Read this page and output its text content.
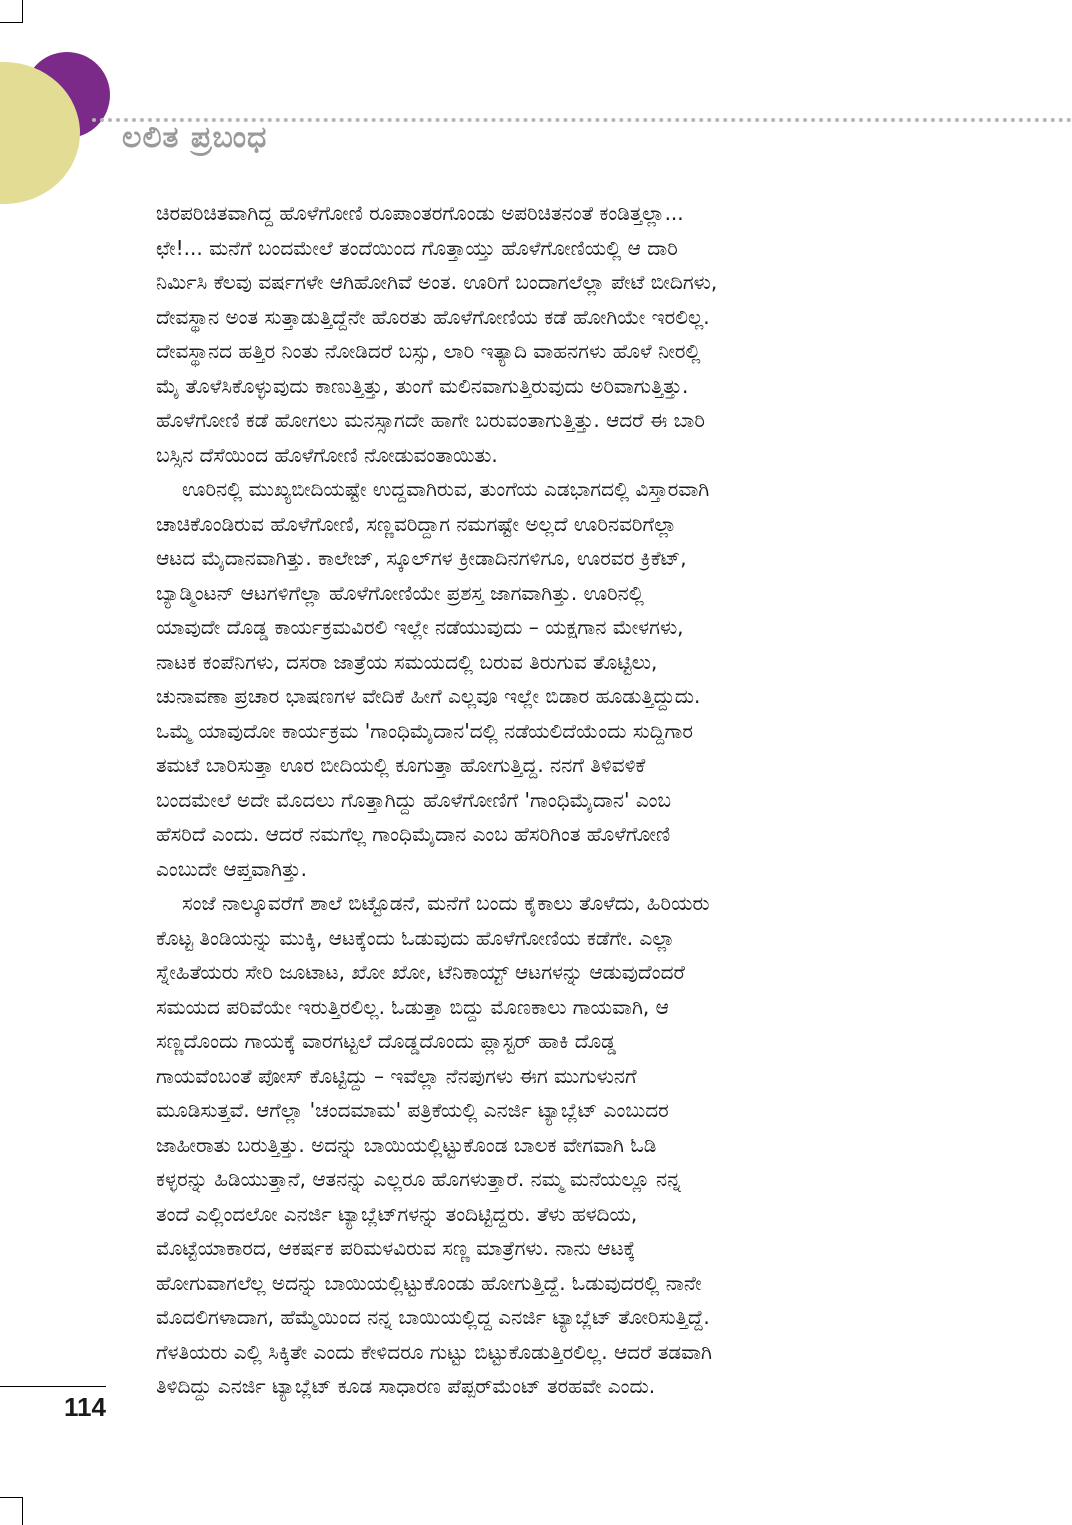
ಲಲಿತ ಪ್ರಬಂಧ
ಚಿರಪರಿಚಿತವಾಗಿದ್ದ ಹೊಳೆಗೋಣಿ ರೂಪಾಂತರಗೊಂಡು ಅಪರಿಚಿತನಂತೆ ಕಂಡಿತ್ತಲ್ಲಾ...
ಛೇ!... ಮನೆಗೆ ಬಂದಮೇಲೆ ತಂದೆಯಿಂದ ಗೊತ್ತಾಯ್ತು ಹೊಳೆಗೋಣಿಯಲ್ಲಿ ಆ ದಾರಿ
ನಿರ್ಮಿಸಿ ಕೆಲವು ವರ್ಷಗಳೇ ಆಗಿಹೋಗಿವೆ ಅಂತ. ಊರಿಗೆ ಬಂದಾಗಲೆಲ್ಲಾ ಪೇಟೆ ಬೀದಿಗಳು,
ದೇವಸ್ಥಾನ ಅಂತ ಸುತ್ತಾಡುತ್ತಿದ್ದೆನೇ ಹೊರತು ಹೊಳೆಗೋಣಿಯ ಕಡೆ ಹೋಗಿಯೇ ಇರಲಿಲ್ಲ.
ದೇವಸ್ಥಾನದ ಹತ್ತಿರ ನಿಂತು ನೋಡಿದರೆ ಬಸ್ಸು, ಲಾರಿ ಇತ್ಯಾದಿ ವಾಹನಗಳು ಹೊಳೆ ನೀರಲ್ಲಿ
ಮೈ ತೊಳೆಸಿಕೊಳ್ಳುವುದು ಕಾಣುತ್ತಿತ್ತು, ತುಂಗೆ ಮಲಿನವಾಗುತ್ತಿರುವುದು ಅರಿವಾಗುತ್ತಿತ್ತು.
ಹೊಳೆಗೋಣಿ ಕಡೆ ಹೋಗಲು ಮನಸ್ಸಾಗದೇ ಹಾಗೇ ಬರುವಂತಾಗುತ್ತಿತ್ತು. ಆದರೆ ಈ ಬಾರಿ
ಬಸ್ಸಿನ ದೆಸೆಯಿಂದ ಹೊಳೆಗೋಣಿ ನೋಡುವಂತಾಯಿತು.
ಊರಿನಲ್ಲಿ ಮುಖ್ಯಬೀದಿಯಷ್ಟೇ ಉದ್ದವಾಗಿರುವ, ತುಂಗೆಯ ಎಡಭಾಗದಲ್ಲಿ ವಿಸ್ತಾರವಾಗಿ
ಚಾಚಿಕೊಂಡಿರುವ ಹೊಳೆಗೋಣಿ, ಸಣ್ಣವರಿದ್ದಾಗ ನಮಗಷ್ಟೇ ಅಲ್ಲದೆ ಊರಿನವರಿಗೆಲ್ಲಾ
ಆಟದ ಮೈದಾನವಾಗಿತ್ತು. ಕಾಲೇಜ್, ಸ್ಕೂಲ್‌ಗಳ ಕ್ರೀಡಾದಿನಗಳಿಗೂ, ಊರವರ ಕ್ರಿಕೆಟ್,
ಬ್ಯಾಡ್ಮಿಂಟನ್ ಆಟಗಳಿಗೆಲ್ಲಾ ಹೊಳೆಗೋಣಿಯೇ ಪ್ರಶಸ್ತ ಜಾಗವಾಗಿತ್ತು. ಊರಿನಲ್ಲಿ
ಯಾವುದೇ ದೊಡ್ಡ ಕಾರ್ಯಕ್ರಮವಿರಲಿ ಇಲ್ಲೇ ನಡೆಯುವುದು – ಯಕ್ಷಗಾನ ಮೇಳಗಳು,
ನಾಟಕ ಕಂಪೆನಿಗಳು, ದಸರಾ ಜಾತ್ರೆಯ ಸಮಯದಲ್ಲಿ ಬರುವ ತಿರುಗುವ ತೊಟ್ಟಿಲು,
ಚುನಾವಣಾ ಪ್ರಚಾರ ಭಾಷಣಗಳ ವೇದಿಕೆ ಹೀಗೆ ಎಲ್ಲವೂ ಇಲ್ಲೇ ಬಿಡಾರ ಹೂಡುತ್ತಿದ್ದುದು.
ಒಮ್ಮೆ ಯಾವುದೋ ಕಾರ್ಯಕ್ರಮ 'ಗಾಂಧಿಮೈದಾನ'ದಲ್ಲಿ ನಡೆಯಲಿದೆಯೆಂದು ಸುದ್ದಿಗಾರ
ತಮಟೆ ಬಾರಿಸುತ್ತಾ ಊರ ಬೀದಿಯಲ್ಲಿ ಕೂಗುತ್ತಾ ಹೋಗುತ್ತಿದ್ದ. ನನಗೆ ತಿಳಿವಳಿಕೆ
ಬಂದಮೇಲೆ ಅದೇ ಮೊದಲು ಗೊತ್ತಾಗಿದ್ದು ಹೊಳೆಗೋಣಿಗೆ 'ಗಾಂಧಿಮೈದಾನ' ಎಂಬ
ಹೆಸರಿದೆ ಎಂದು. ಆದರೆ ನಮಗೆಲ್ಲ ಗಾಂಧಿಮೈದಾನ ಎಂಬ ಹೆಸರಿಗಿಂತ ಹೊಳೆಗೋಣಿ
ಎಂಬುದೇ ಆಪ್ತವಾಗಿತ್ತು.
ಸಂಜೆ ನಾಲ್ಕೂವರೆಗೆ ಶಾಲೆ ಬಿಟ್ಟೊಡನೆ, ಮನೆಗೆ ಬಂದು ಕೈಕಾಲು ತೊಳೆದು, ಹಿರಿಯರು
ಕೊಟ್ಟ ತಿಂಡಿಯನ್ನು ಮುಕ್ಕಿ, ಆಟಕ್ಕೆಂದು ಓಡುವುದು ಹೊಳೆಗೋಣಿಯ ಕಡೆಗೇ. ಎಲ್ಲಾ
ಸ್ನೇಹಿತೆಯರು ಸೇರಿ ಜೂಟಾಟ, ಖೋ ಖೋ, ಟೆನಿಕಾಯ್ಟ್ ಆಟಗಳನ್ನು ಆಡುವುದೆಂದರೆ
ಸಮಯದ ಪರಿವೆಯೇ ಇರುತ್ತಿರಲಿಲ್ಲ. ಓಡುತ್ತಾ ಬಿದ್ದು ಮೊಣಕಾಲು ಗಾಯವಾಗಿ, ಆ
ಸಣ್ಣದೊಂದು ಗಾಯಕ್ಕೆ ವಾರಗಟ್ಟಲೆ ದೊಡ್ಡದೊಂದು ಪ್ಲಾಸ್ಟರ್ ಹಾಕಿ ದೊಡ್ಡ
ಗಾಯವೆಂಬಂತೆ ಪೋಸ್ ಕೊಟ್ಟಿದ್ದು – ಇವೆಲ್ಲಾ ನೆನಪುಗಳು ಈಗ ಮುಗುಳುನಗೆ
ಮೂಡಿಸುತ್ತವೆ. ಆಗೆಲ್ಲಾ 'ಚಂದಮಾಮ' ಪತ್ರಿಕೆಯಲ್ಲಿ ಎನರ್ಜಿ ಟ್ಯಾಬ್ಲೆಟ್ ಎಂಬುದರ
ಜಾಹೀರಾತು ಬರುತ್ತಿತ್ತು. ಅದನ್ನು ಬಾಯಿಯಲ್ಲಿಟ್ಟುಕೊಂಡ ಬಾಲಕ ವೇಗವಾಗಿ ಓಡಿ
ಕಳ್ಳರನ್ನು ಹಿಡಿಯುತ್ತಾನೆ, ಆತನನ್ನು ಎಲ್ಲರೂ ಹೊಗಳುತ್ತಾರೆ. ನಮ್ಮ ಮನೆಯಲ್ಲೂ ನನ್ನ
ತಂದೆ ಎಲ್ಲಿಂದಲೋ ಎನರ್ಜಿ ಟ್ಯಾಬ್ಲೆಟ್‌ಗಳನ್ನು ತಂದಿಟ್ಟಿದ್ದರು. ತೆಳು ಹಳದಿಯ,
ಮೊಟ್ಟೆಯಾಕಾರದ, ಆಕರ್ಷಕ ಪರಿಮಳವಿರುವ ಸಣ್ಣ ಮಾತ್ರೆಗಳು. ನಾನು ಆಟಕ್ಕೆ
ಹೋಗುವಾಗಲೆಲ್ಲ ಅದನ್ನು ಬಾಯಿಯಲ್ಲಿಟ್ಟುಕೊಂಡು ಹೋಗುತ್ತಿದ್ದೆ. ಓಡುವುದರಲ್ಲಿ ನಾನೇ
ಮೊದಲಿಗಳಾದಾಗ, ಹೆಮ್ಮೆಯಿಂದ ನನ್ನ ಬಾಯಿಯಲ್ಲಿದ್ದ ಎನರ್ಜಿ ಟ್ಯಾಬ್ಲೆಟ್ ತೋರಿಸುತ್ತಿದ್ದೆ.
ಗೆಳತಿಯರು ಎಲ್ಲಿ ಸಿಕ್ಕಿತೇ ಎಂದು ಕೇಳಿದರೂ ಗುಟ್ಟು ಬಿಟ್ಟುಕೊಡುತ್ತಿರಲಿಲ್ಲ. ಆದರೆ ತಡವಾಗಿ
ತಿಳಿದಿದ್ದು ಎನರ್ಜಿ ಟ್ಯಾಬ್ಲೆಟ್ ಕೂಡ ಸಾಧಾರಣ ಪೆಪ್ಪರ್‌ಮೆಂಟ್ ತರಹವೇ ಎಂದು.
114
